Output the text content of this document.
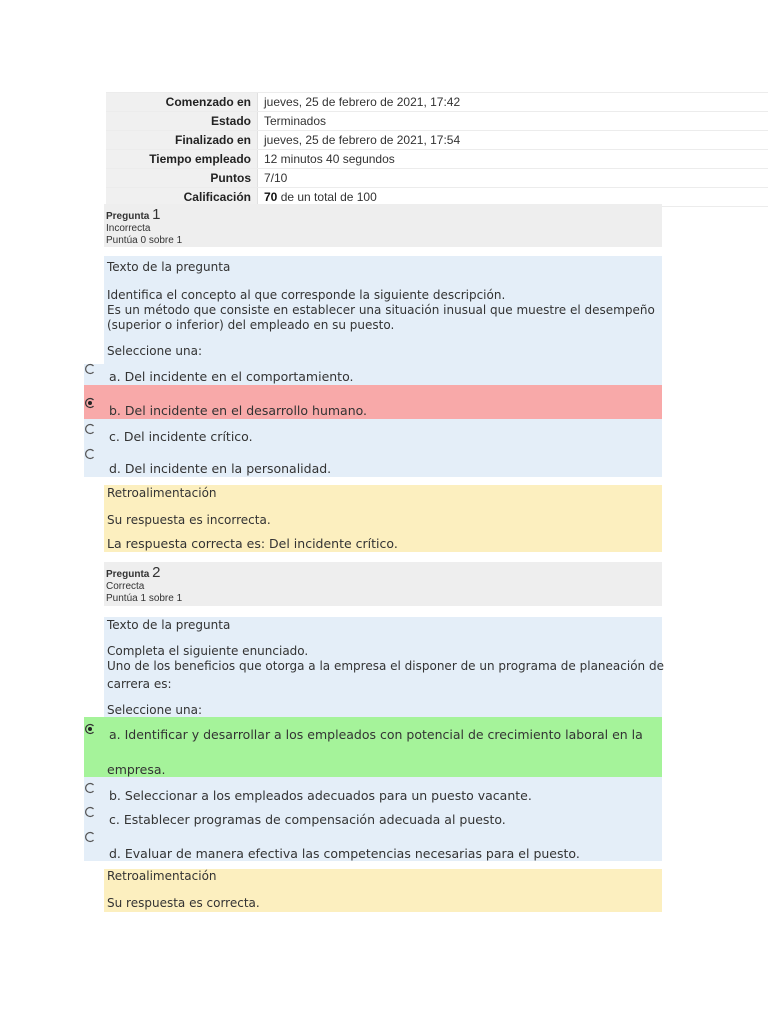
Comenzado en	jueves, 25 de febrero de 2021, 17:42
Estado	Terminados
Finalizado en	jueves, 25 de febrero de 2021, 17:54
Tiempo empleado	12 minutos 40 segundos
Puntos	7/10
Calificación	70 de un total de 100
Pregunta 1
Incorrecta
Puntúa 0 sobre 1
Texto de la pregunta
Identifica el concepto al que corresponde la siguiente descripción.
Es un método que consiste en establecer una situación inusual que muestre el desempeño
(superior o inferior) del empleado en su puesto.
Seleccione una:
a. Del incidente en el comportamiento.
b. Del incidente en el desarrollo humano.
c. Del incidente crítico.
d. Del incidente en la personalidad.
Retroalimentación
Su respuesta es incorrecta.
La respuesta correcta es: Del incidente crítico.
Pregunta 2
Correcta
Puntúa 1 sobre 1
Texto de la pregunta
Completa el siguiente enunciado.
Uno de los beneficios que otorga a la empresa el disponer de un programa de planeación de
carrera es:
Seleccione una:
a. Identificar y desarrollar a los empleados con potencial de crecimiento laboral en la
empresa.
b. Seleccionar a los empleados adecuados para un puesto vacante.
c. Establecer programas de compensación adecuada al puesto.
d. Evaluar de manera efectiva las competencias necesarias para el puesto.
Retroalimentación
Su respuesta es correcta.
